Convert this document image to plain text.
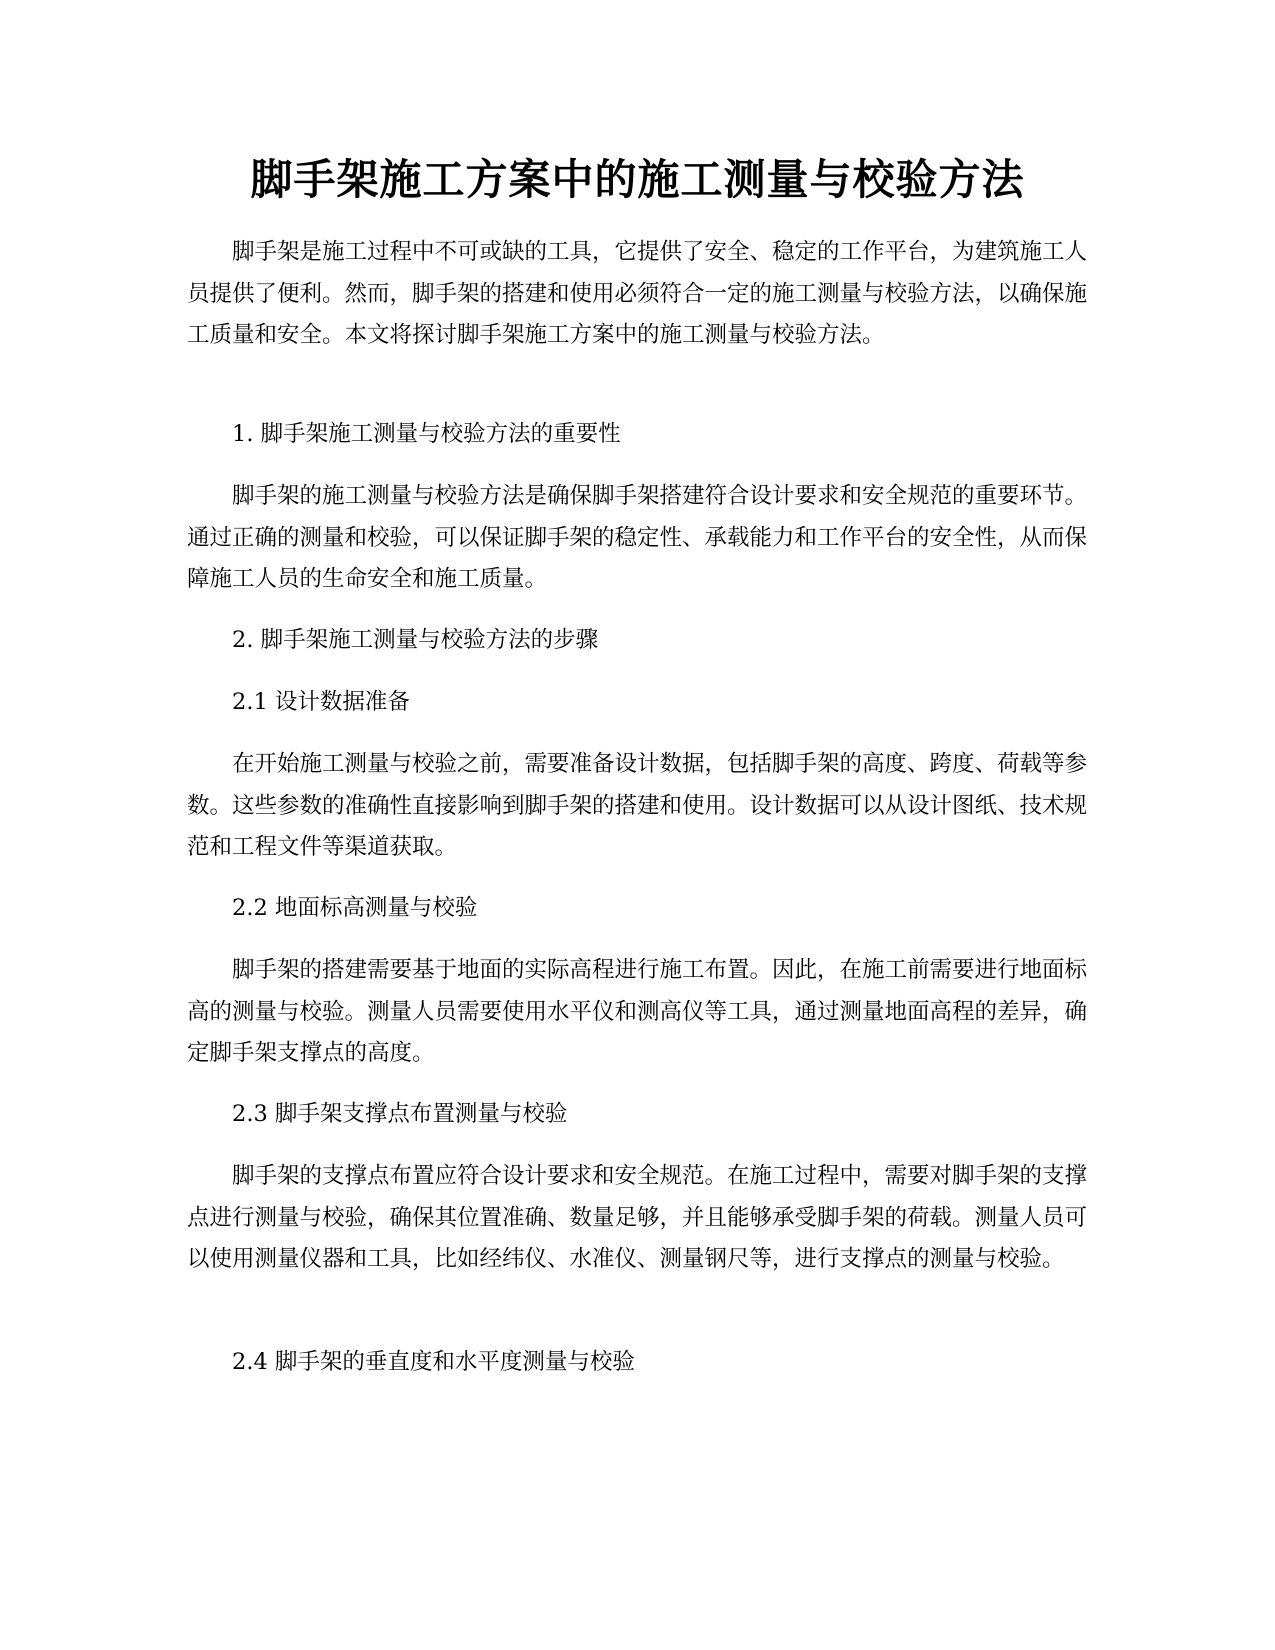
脚手架施工方案中的施工测量与校验方法

脚手架是施工过程中不可或缺的工具，它提供了安全、稳定的工作平台，为建筑施工人员提供了便利。然而，脚手架的搭建和使用必须符合一定的施工测量与校验方法，以确保施工质量和安全。本文将探讨脚手架施工方案中的施工测量与校验方法。

1. 脚手架施工测量与校验方法的重要性

脚手架的施工测量与校验方法是确保脚手架搭建符合设计要求和安全规范的重要环节。通过正确的测量和校验，可以保证脚手架的稳定性、承载能力和工作平台的安全性，从而保障施工人员的生命安全和施工质量。

2. 脚手架施工测量与校验方法的步骤

2.1 设计数据准备

在开始施工测量与校验之前，需要准备设计数据，包括脚手架的高度、跨度、荷载等参数。这些参数的准确性直接影响到脚手架的搭建和使用。设计数据可以从设计图纸、技术规范和工程文件等渠道获取。

2.2 地面标高测量与校验

脚手架的搭建需要基于地面的实际高程进行施工布置。因此，在施工前需要进行地面标高的测量与校验。测量人员需要使用水平仪和测高仪等工具，通过测量地面高程的差异，确定脚手架支撑点的高度。

2.3 脚手架支撑点布置测量与校验

脚手架的支撑点布置应符合设计要求和安全规范。在施工过程中，需要对脚手架的支撑点进行测量与校验，确保其位置准确、数量足够，并且能够承受脚手架的荷载。测量人员可以使用测量仪器和工具，比如经纬仪、水准仪、测量钢尺等，进行支撑点的测量与校验。

2.4 脚手架的垂直度和水平度测量与校验
